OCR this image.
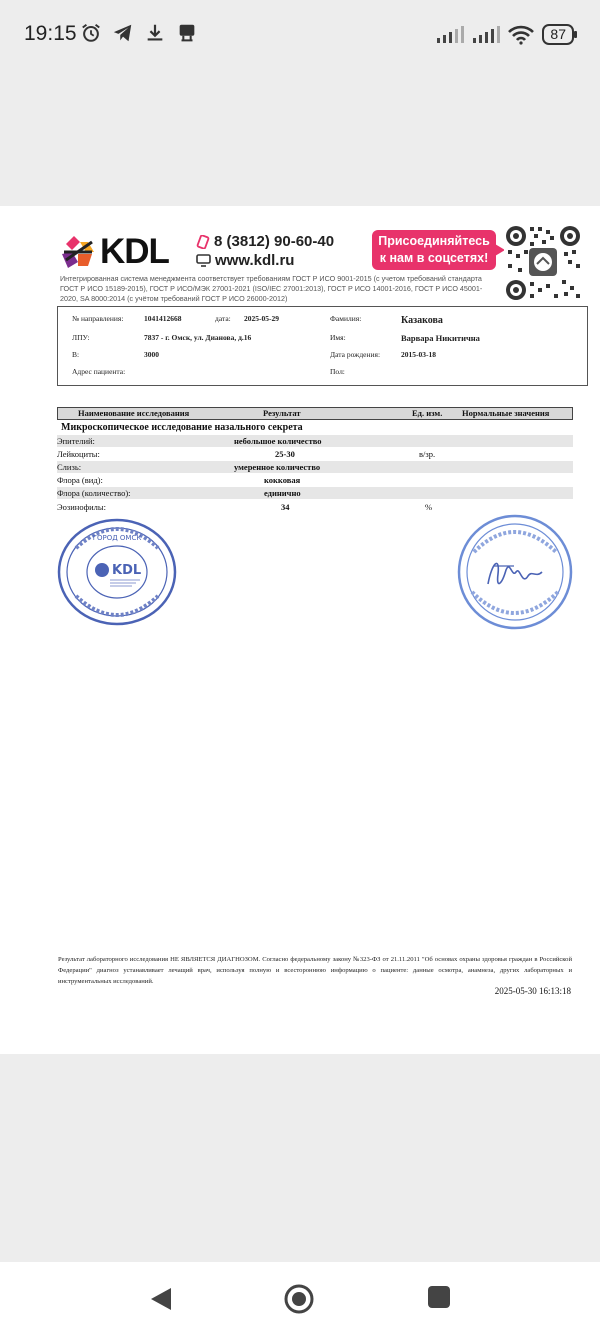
19:15	87
KDL	8 (3812) 90-60-40
www.kdl.ru
Присоединяйтесь
к нам в соцсетях!
Интегрированная система менеджмента соответствует требованиям ГОСТ Р ИСО 9001-2015 (с учетом требований стандарта ГОСТ Р ИСО 15189-2015), ГОСТ Р ИСО/МЭК 27001-2021 (ISO/IEC 27001:2013), ГОСТ Р ИСО 14001-2016, ГОСТ Р ИСО 45001-2020, SA 8000:2014 (с учётом требований ГОСТ Р ИСО 26000-2012)
№ направления:	1041412668	дата: 2025-05-29	Фамилия:	Казакова
ЛПУ:	7837 - г. Омск, ул. Дианова, д.16	Имя:	Варвара Никитична
В:	3000	Дата рождения:	2015-03-18
Адрес пациента:	Пол:
Наименование исследования	Результат	Ед. изм. Нормальные значения
Микроскопическое исследование назального секрета
Эпителий:	небольшое количество
Лейкоциты:	25-30	в/зр.
Слизь:	умеренное количество
Флора (вид):	кокковая
Флора (количество):	единично
Эозинофилы:	34	%
ГОРОД ОМСК
KDL
Результат лабораторного исследования НЕ ЯВЛЯЕТСЯ ДИАГНОЗОМ. Согласно федеральному закону №323-ФЗ от 21.11.2011 "Об основах охраны здоровья граждан в Российской Федерации" диагноз устанавливает лечащий врач, используя полную и всестороннюю информацию о пациенте: данные осмотра, анамнеза, других лабораторных и инструментальных исследований.
2025-05-30 16:13:18
